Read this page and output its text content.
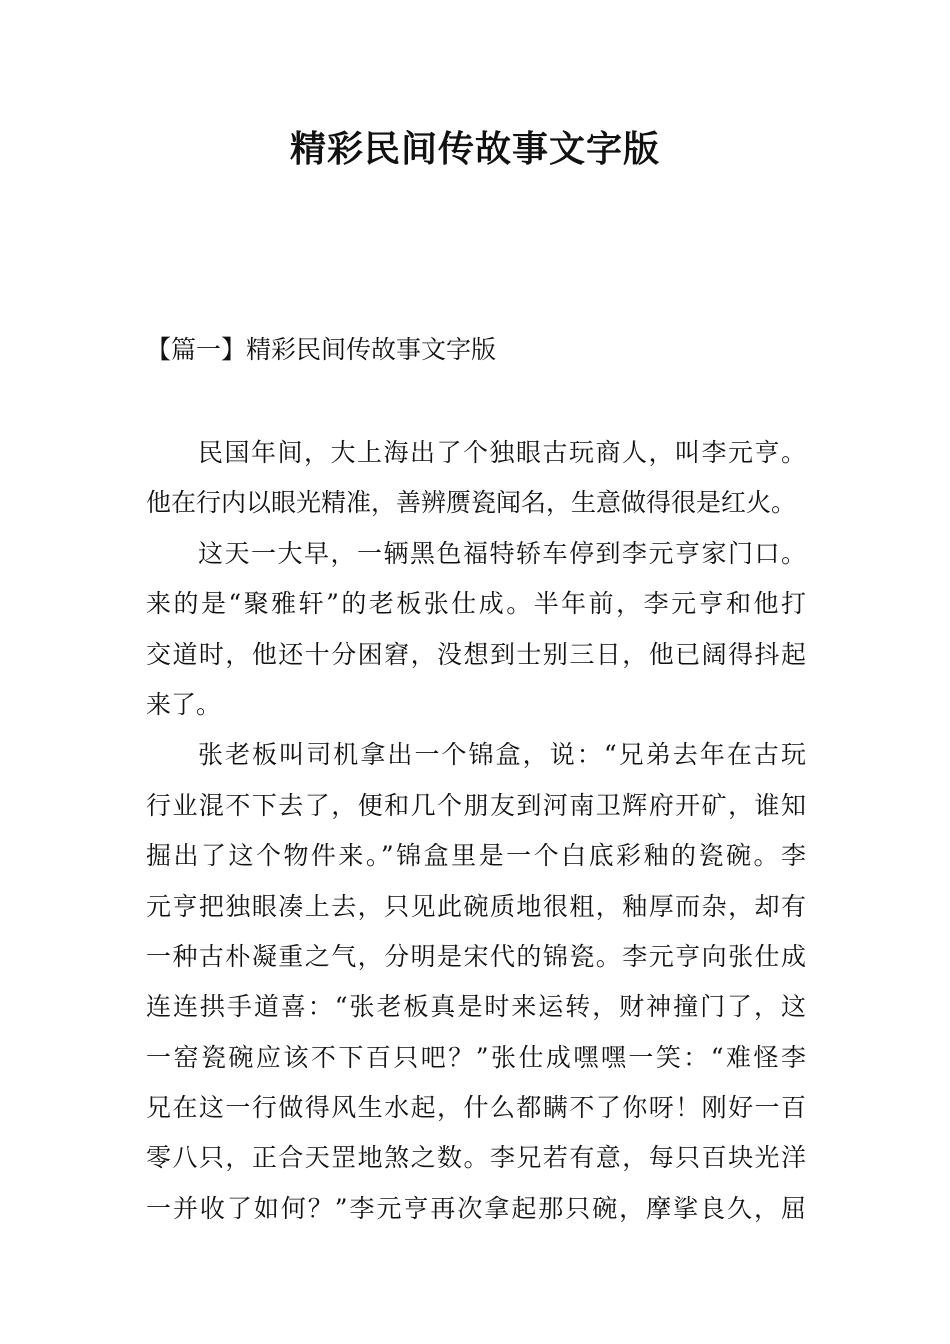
精彩民间传故事文字版
【篇一】精彩民间传故事文字版
民国年间，大上海出了个独眼古玩商人，叫李元亨。
他在行内以眼光精准，善辨赝瓷闻名，生意做得很是红火。
这天一大早，一辆黑色福特轿车停到李元亨家门口。
来的是“聚雅轩”的老板张仕成。半年前，李元亨和他打
交道时，他还十分困窘，没想到士别三日，他已阔得抖起
来了。
张老板叫司机拿出一个锦盒，说：“兄弟去年在古玩
行业混不下去了，便和几个朋友到河南卫辉府开矿，谁知
掘出了这个物件来。”锦盒里是一个白底彩釉的瓷碗。李
元亨把独眼凑上去，只见此碗质地很粗，釉厚而杂，却有
一种古朴凝重之气，分明是宋代的锦瓷。李元亨向张仕成
连连拱手道喜：“张老板真是时来运转，财神撞门了，这
一窑瓷碗应该不下百只吧？”张仕成嘿嘿一笑：“难怪李
兄在这一行做得风生水起，什么都瞒不了你呀！刚好一百
零八只，正合天罡地煞之数。李兄若有意，每只百块光洋
一并收了如何？”李元亨再次拿起那只碗，摩挲良久，屈
